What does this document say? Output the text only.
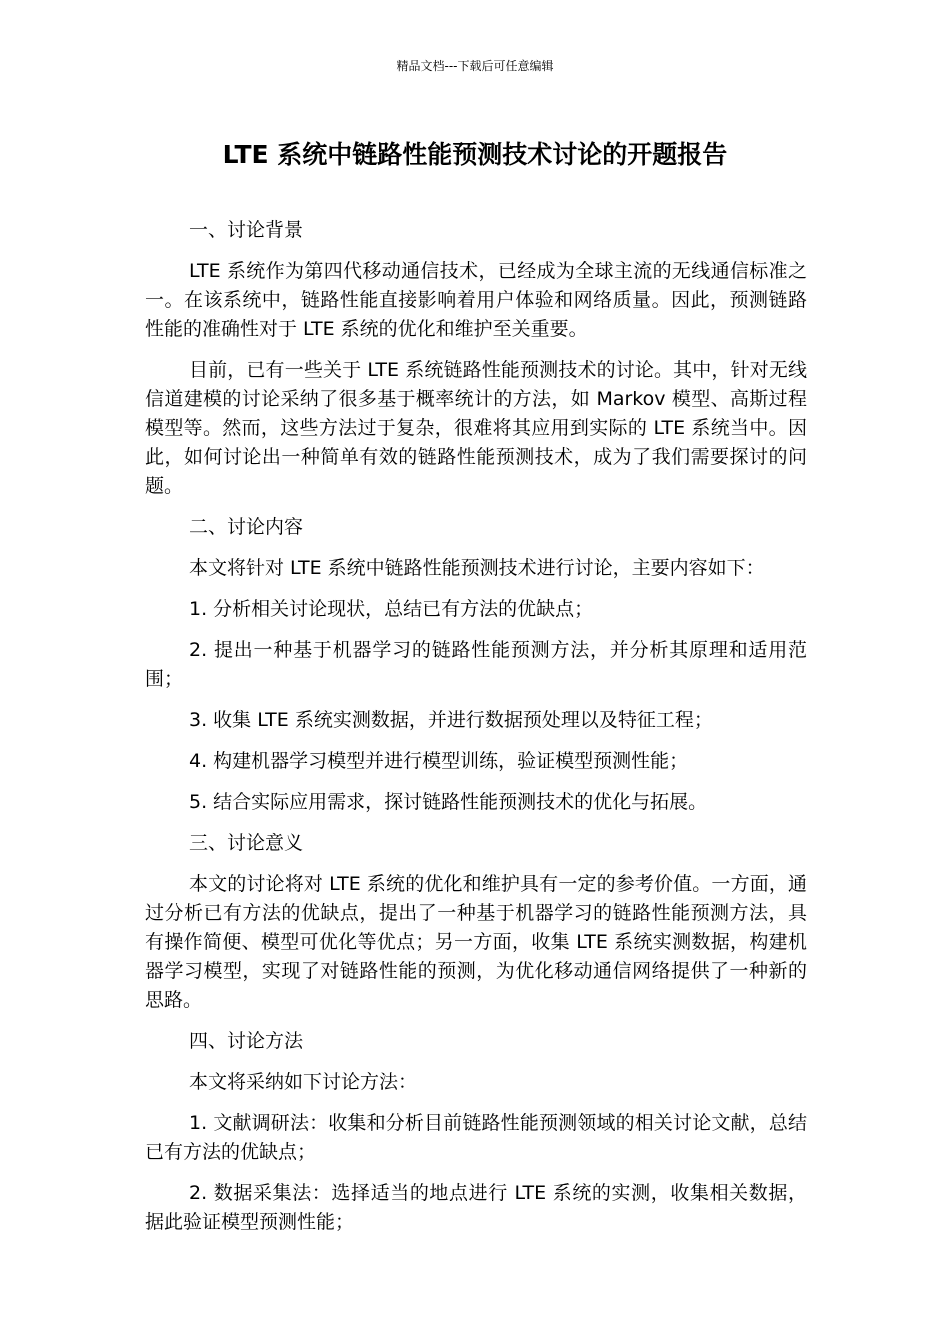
精品文档---下载后可任意编辑
LTE 系统中链路性能预测技术讨论的开题报告

一、讨论背景

LTE 系统作为第四代移动通信技术，已经成为全球主流的无线通信标准之一。在该系统中，链路性能直接影响着用户体验和网络质量。因此，预测链路性能的准确性对于 LTE 系统的优化和维护至关重要。

目前，已有一些关于 LTE 系统链路性能预测技术的讨论。其中，针对无线信道建模的讨论采纳了很多基于概率统计的方法，如 Markov 模型、高斯过程模型等。然而，这些方法过于复杂，很难将其应用到实际的 LTE 系统当中。因此，如何讨论出一种简单有效的链路性能预测技术，成为了我们需要探讨的问题。

二、讨论内容

本文将针对 LTE 系统中链路性能预测技术进行讨论，主要内容如下：

1. 分析相关讨论现状，总结已有方法的优缺点；

2. 提出一种基于机器学习的链路性能预测方法，并分析其原理和适用范围；

3. 收集 LTE 系统实测数据，并进行数据预处理以及特征工程；

4. 构建机器学习模型并进行模型训练，验证模型预测性能；

5. 结合实际应用需求，探讨链路性能预测技术的优化与拓展。

三、讨论意义

本文的讨论将对 LTE 系统的优化和维护具有一定的参考价值。一方面，通过分析已有方法的优缺点，提出了一种基于机器学习的链路性能预测方法，具有操作简便、模型可优化等优点；另一方面，收集 LTE 系统实测数据，构建机器学习模型，实现了对链路性能的预测，为优化移动通信网络提供了一种新的思路。

四、讨论方法

本文将采纳如下讨论方法：

1. 文献调研法：收集和分析目前链路性能预测领域的相关讨论文献，总结已有方法的优缺点；

2. 数据采集法：选择适当的地点进行 LTE 系统的实测，收集相关数据，据此验证模型预测性能；
